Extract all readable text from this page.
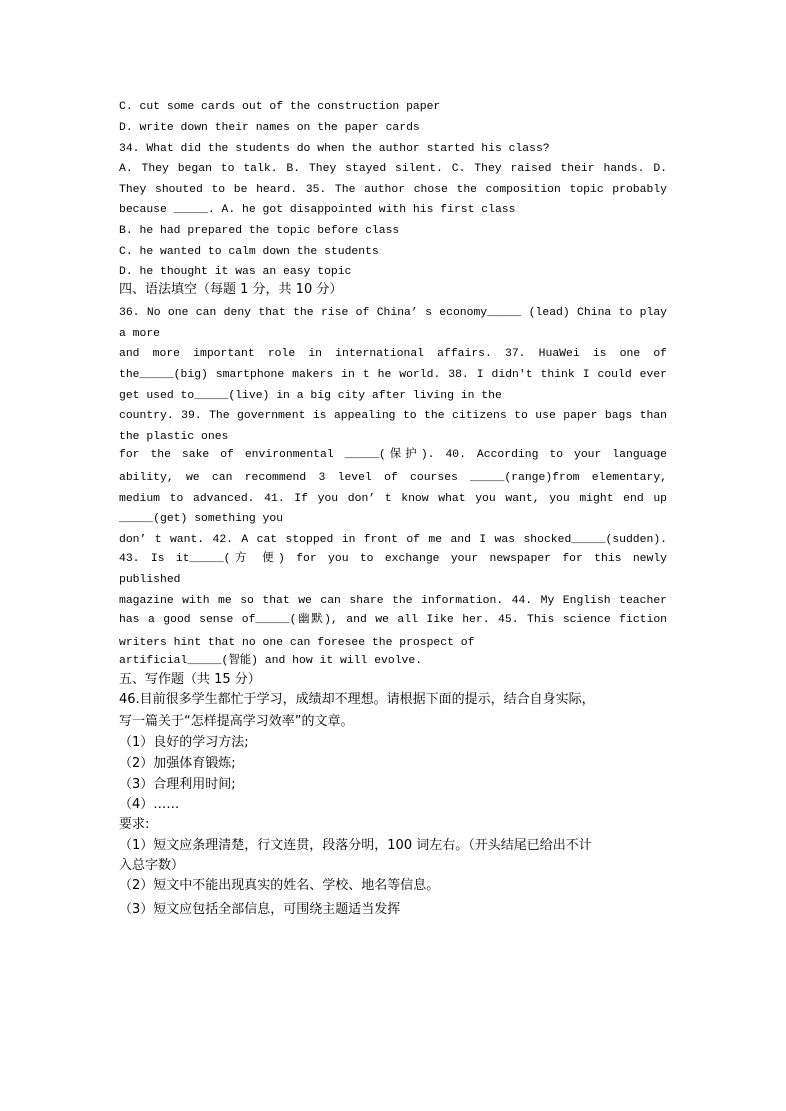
C. cut some cards out of the construction paper
D. write down their names on the paper cards
34. What did the students do when the author started his class?
A. They began to talk. B. They stayed silent. C. They raised their hands. D.
They shouted to be heard. 35. The author chose the composition topic probably
because _____. A. he got disappointed with his first class
B. he had prepared the topic before class
C. he wanted to calm down the students
D. he thought it was an easy topic
四、语法填空（每题 1 分，共 10 分）
36. No one can deny that the rise of China’ s economy_____ (lead) China to play
a more
and more important role in international affairs. 37. HuaWei is one of
the_____(big) smartphone makers in t he world. 38. I didn't think I could ever
get used to_____(live) in a big city after living in the
country. 39. The government is appealing to the citizens to use paper bags than
the plastic ones
for the sake of environmental _____(保护). 40. According to your language
ability, we can recommend 3 level of courses _____(range)from elementary,
medium to advanced. 41. If you don’ t know what you want, you might end up
_____(get) something you
don’ t want. 42. A cat stopped in front of me and I was shocked_____(sudden).
43. Is it_____(方 便) for you to exchange your newspaper for this newly
published
magazine with me so that we can share the information. 44. My English teacher
has a good sense of_____(幽默), and we all Iike her. 45. This science fiction
writers hint that no one can foresee the prospect of
artificial_____(智能) and how it will evolve.
五、写作题（共 15 分）
46.目前很多学生都忙于学习，成绩却不理想。请根据下面的提示，结合自身实际，
写一篇关于“怎样提高学习效率”的文章。
（1）良好的学习方法;
（2）加强体育锻炼;
（3）合理利用时间;
（4）……
要求:
（1）短文应条理清楚，行文连贯，段落分明，100 词左右。（开头结尾已给出不计
入总字数）
（2）短文中不能出现真实的姓名、学校、地名等信息。
（3）短文应包括全部信息，可围绕主题适当发挥
